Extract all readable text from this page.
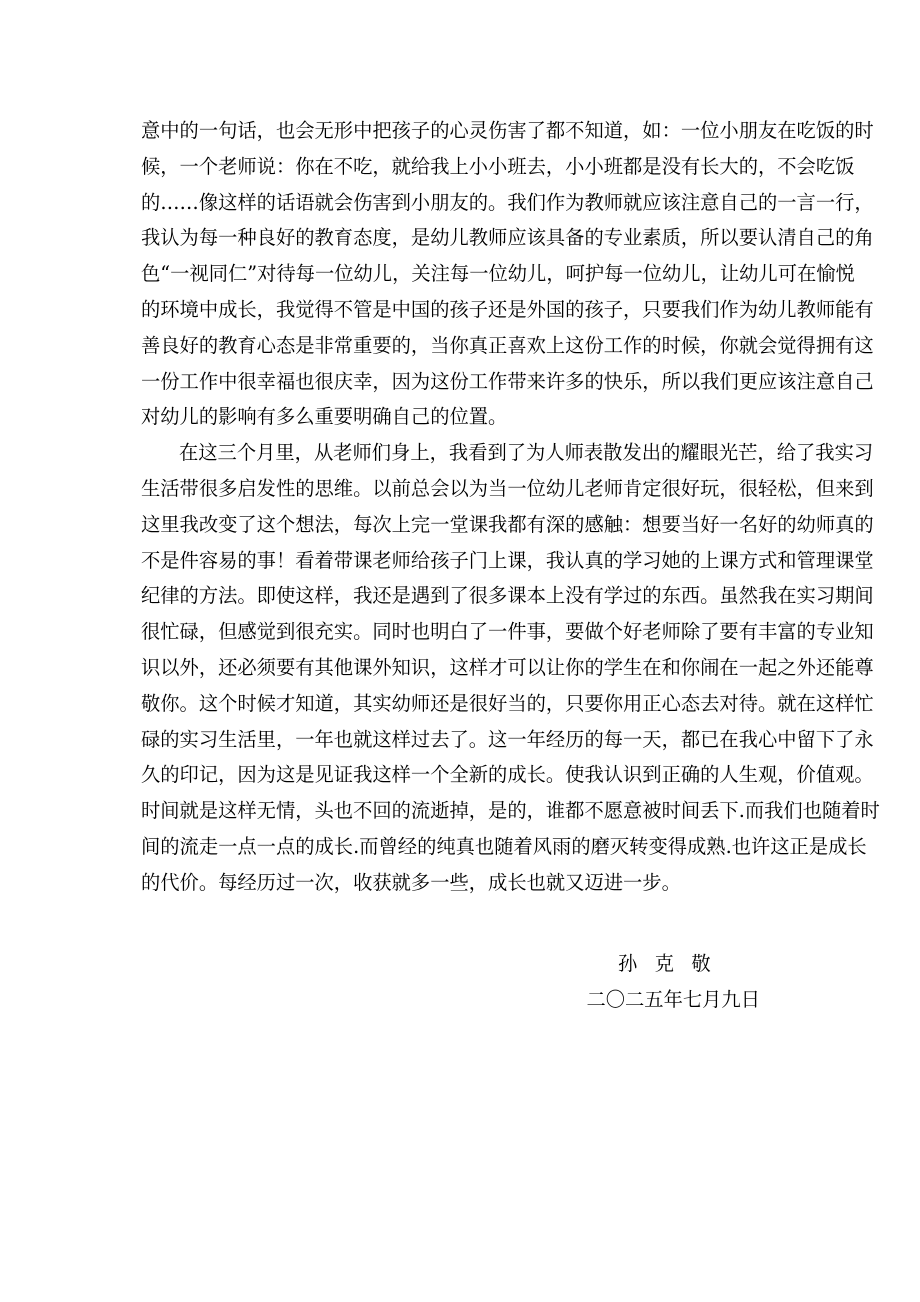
意中的一句话，也会无形中把孩子的心灵伤害了都不知道，如：一位小朋友在吃饭的时
候，一个老师说：你在不吃，就给我上小小班去，小小班都是没有长大的，不会吃饭
的……像这样的话语就会伤害到小朋友的。我们作为教师就应该注意自己的一言一行，
我认为每一种良好的教育态度，是幼儿教师应该具备的专业素质，所以要认清自己的角
色“一视同仁”对待每一位幼儿，关注每一位幼儿，呵护每一位幼儿，让幼儿可在愉悦
的环境中成长，我觉得不管是中国的孩子还是外国的孩子，只要我们作为幼儿教师能有
善良好的教育心态是非常重要的，当你真正喜欢上这份工作的时候，你就会觉得拥有这
一份工作中很幸福也很庆幸，因为这份工作带来许多的快乐，所以我们更应该注意自己
对幼儿的影响有多么重要明确自己的位置。
在这三个月里，从老师们身上，我看到了为人师表散发出的耀眼光芒，给了我实习
生活带很多启发性的思维。以前总会以为当一位幼儿老师肯定很好玩，很轻松，但来到
这里我改变了这个想法，每次上完一堂课我都有深的感触：想要当好一名好的幼师真的
不是件容易的事！看着带课老师给孩子门上课，我认真的学习她的上课方式和管理课堂
纪律的方法。即使这样，我还是遇到了很多课本上没有学过的东西。虽然我在实习期间
很忙碌，但感觉到很充实。同时也明白了一件事，要做个好老师除了要有丰富的专业知
识以外，还必须要有其他课外知识，这样才可以让你的学生在和你闹在一起之外还能尊
敬你。这个时候才知道，其实幼师还是很好当的，只要你用正心态去对待。就在这样忙
碌的实习生活里，一年也就这样过去了。这一年经历的每一天，都已在我心中留下了永
久的印记，因为这是见证我这样一个全新的成长。使我认识到正确的人生观，价值观。
时间就是这样无情，头也不回的流逝掉，是的，谁都不愿意被时间丢下.而我们也随着时
间的流走一点一点的成长.而曾经的纯真也随着风雨的磨灭转变得成熟.也许这正是成长
的代价。每经历过一次，收获就多一些，成长也就又迈进一步。
孙克敬
二〇二五年七月九日
